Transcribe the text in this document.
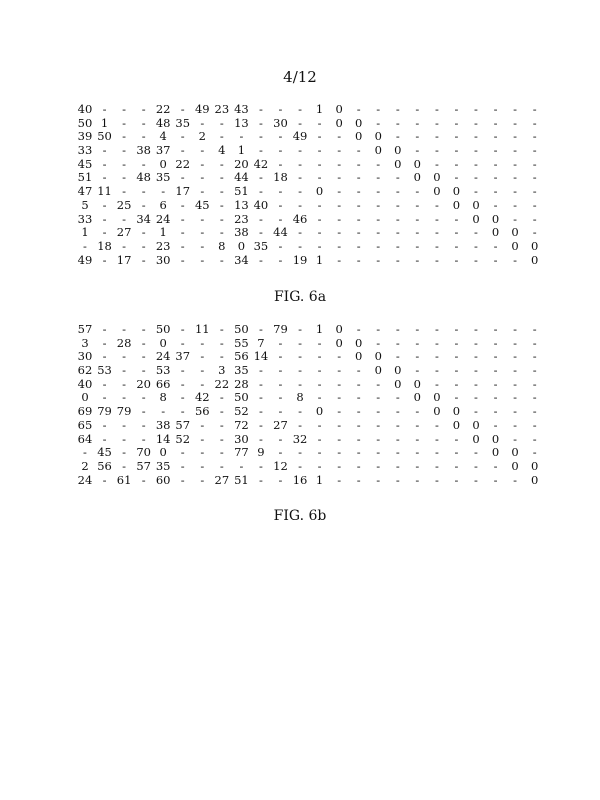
4/12
40 -	-	- 22 - 49 23 43 -	-	-	1	0	-	-	-	-	-	-	-	-	-	-
50 1	-	- 48 35 -	- 13 - 30 -	-	0	0	-	-	-	-	-	-	-	-	-
39 50 -	-	4	-	2	-	-	-	- 49 -	-	0	0	-	-	-	-	-	-	-	-
33 -	- 38 37 -	-	4	1	-	-	-	-	-	-	0	0	-	-	-	-	-	-	-
45 -	-	-	0 22 -	- 20 42 -	-	-	-	-	-	0	0	-	-	-	-	-	-
51 -	- 48 35 -	-	- 44 - 18 -	-	-	-	-	-	0	0	-	-	-	-	-
47 11 -	-	- 17 -	- 51 -	-	-	0	-	-	-	-	-	0	0	-	-	-	-
5	- 25 -	6	- 45 - 13 40 -	-	-	-	-	-	-	-	-	0	0	-	-	-
33 -	- 34 24 -	-	- 23 -	- 46 -	-	-	-	-	-	-	-	0	0	-	-
1	- 27 -	1	-	-	- 38 - 44 -	-	-	-	-	-	-	-	-	-	0	0	-
- 18 -	- 23 -	-	8	0 35 -	-	-	-	-	-	-	-	-	-	-	-	0	0
49 - 17 - 30 -	-	- 34 -	- 19 1	-	-	-	-	-	-	-	-	-	-	0
FIG. 6a
57 -	-	- 50 - 11 - 50 - 79 -	1	0	-	-	-	-	-	-	-	-	-	-
3	- 28 -	0	-	-	- 55 7	-	-	-	0	0	-	-	-	-	-	-	-	-	-
30 -	-	- 24 37 -	- 56 14 -	-	-	-	0	0	-	-	-	-	-	-	-	-
62 53 -	- 53 -	-	3 35 -	-	-	-	-	-	0	0	-	-	-	-	-	-	-
40 -	- 20 66 -	- 22 28 -	-	-	-	-	-	-	0	0	-	-	-	-	-	-
0	-	-	-	8	- 42 - 50 -	-	8	-	-	-	-	-	0	0	-	-	-	-	-
69 79 79 -	-	- 56 - 52 -	-	-	0	-	-	-	-	-	0	0	-	-	-	-
65 -	-	- 38 57 -	- 72 - 27 -	-	-	-	-	-	-	-	0	0	-	-	-
64 -	-	- 14 52 -	- 30 -	- 32 -	-	-	-	-	-	-	-	0	0	-	-
- 45 - 70 0	-	-	- 77 9	-	-	-	-	-	-	-	-	-	-	-	0	0	-
2 56 - 57 35 -	-	-	-	- 12 -	-	-	-	-	-	-	-	-	-	-	0	0
24 - 61 - 60 -	- 27 51 -	- 16 1	-	-	-	-	-	-	-	-	-	-	0
FIG. 6b
